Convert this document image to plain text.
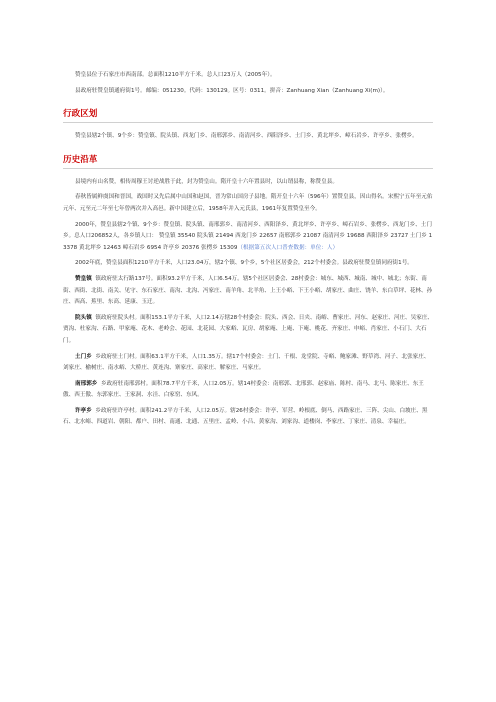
赞皇县位于石家庄市西南部。总面积1210平方千米。总人口23万人（2005年）。

县政府驻赞皇镇通府街1号。邮编：051230。代码：130129。区号：0311。拼音：Zanhuang Xian（Zanhuang Xi(m)）。

行政区划

赞皇县辖2个镇、9个乡：赞皇镇、院头镇、西龙门乡、南邢郭乡、南清河乡、西阳泽乡、土门乡、黄北坪乡、嶂石岩乡、许亭乡、张楞乡。

历史沿革

县境内有山名赞，相传周穆王讨逆战胜于此，封为赞皇山。隋开皇十六年置县时，以山谓县称，称赞皇县。

春秋皆属鲜虞国和晋国，战国时又先后属中山国和赵国，晋为常山国房子县地。隋开皇十六年（596年）置赞皇县，因山得名。宋熙宁五年至元佑元年、元至元二年至七年曾两次并入高邑。新中国建立后，1958年并入元氏县，1961年复置赞皇至今。

2000年，赞皇县辖2个镇、9个乡：赞皇镇、院头镇、南邢郭乡、南清河乡、西阳泽乡、黄北坪乡、许亭乡、嶂石岩乡、张楞乡、西龙门乡、土门乡。总人口206852人，各乡镇人口： 赞皇镇 35540 院头镇 21494 西龙门乡 22657 南邢郭乡 21087 南清河乡 19688 西阳泽乡 23727 土门乡 13378 黄北坪乡 12463 嶂石岩乡 6954 许亭乡 20376 张楞乡 15309（根据第五次人口普查数据：单位：人）

2002年底，赞皇县面积1210平方千米，人口23.04万，辖2个镇、9个乡，5个社区居委会，212个村委会。县政府驻赞皇镇同府街1号。

赞皇镇 镇政府驻太行路137号。面积93.2平方千米，人口6.54万。辖5个社区居委会、28村委会：城东、城西、城南、城中、城北；东街、南街、西街、北街、南关、见守、东石家庄、南沟、北沟、冯家庄、南羊角、北羊角、上王小峪、下王小峪、胡家庄、曲庄、饶羊、东白草坪、花林、孙庄、西高、蕉里、东高、延康、玉迁。

院头镇 镇政府驻院头村。面积153.1平方千米，人口2.14万辖28个村委会：院头、西会、日夹、南峪、曹家庄、河东、赵家庄、河庄、吴家庄、贾沟、杜家沟、石路、甲家庵、花木、老岭会、花园、北花园、大家峪、瓦房、胡家庵、上庵、下庵、桃花、齐家庄、申峪、肖家庄、小石门、大石门。

土门乡 乡政府驻土门村。面积63.1平方千米，人口1.35万。辖17个村委会：土门、千根、龙堂院、寺峪、鲍家滩、野草湾、河子、北张家庄、刘家庄、榆树庄、南水峪、大桥庄、黄连沟、寨家庄、高家庄、解家庄、马家庄。

南邢郭乡 乡政府驻南邢郭村。面积78.7平方千米，人口2.05万。辖14村委会：南邢郭、北邢郭、赵家庙、陈村、南马、北马、陈家庄、东王傲、西王傲、东郭家庄、王家洞、水洼、白家窑、东风。

许亭乡 乡政府驻许亭村。面积241.2平方千米，人口2.05万。辖26村委会：许亭、军营、岭根底、倒马、西路家庄、三阵、尖山、白坡庄、黑石、北水峪、四道岩、朝阳、都户、田村、南通、北通、五里庄、孟岭、小吕、黄家沟、刘家沟、道楼岗、李家庄、丁家庄、清泉、幸福庄。
